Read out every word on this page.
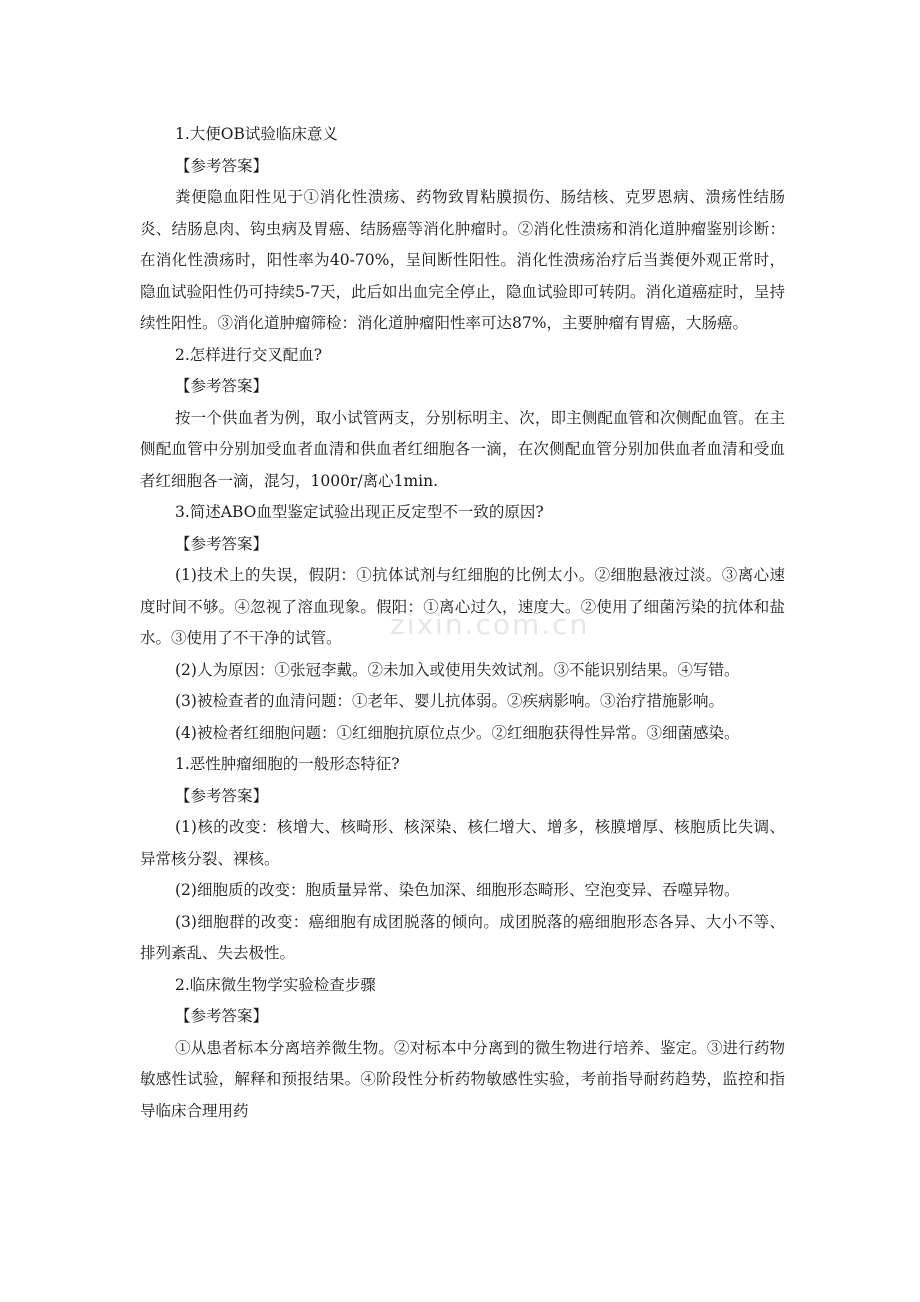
1.大便OB试验临床意义

【参考答案】

粪便隐血阳性见于①消化性溃疡、药物致胃粘膜损伤、肠结核、克罗恩病、溃疡性结肠炎、结肠息肉、钩虫病及胃癌、结肠癌等消化肿瘤时。②消化性溃疡和消化道肿瘤鉴别诊断：在消化性溃疡时，阳性率为40-70%，呈间断性阳性。消化性溃疡治疗后当粪便外观正常时，隐血试验阳性仍可持续5-7天，此后如出血完全停止，隐血试验即可转阴。消化道癌症时，呈持续性阳性。③消化道肿瘤筛检：消化道肿瘤阳性率可达87%，主要肿瘤有胃癌，大肠癌。

2.怎样进行交叉配血?

【参考答案】

按一个供血者为例，取小试管两支，分别标明主、次，即主侧配血管和次侧配血管。在主侧配血管中分别加受血者血清和供血者红细胞各一滴，在次侧配血管分别加供血者血清和受血者红细胞各一滴，混匀，1000r/离心1min.

3.简述ABO血型鉴定试验出现正反定型不一致的原因?

【参考答案】

(1)技术上的失误，假阴：①抗体试剂与红细胞的比例太小。②细胞悬液过淡。③离心速度时间不够。④忽视了溶血现象。假阳：①离心过久，速度大。②使用了细菌污染的抗体和盐水。③使用了不干净的试管。

(2)人为原因：①张冠李戴。②未加入或使用失效试剂。③不能识别结果。④写错。

(3)被检查者的血清问题：①老年、婴儿抗体弱。②疾病影响。③治疗措施影响。

(4)被检者红细胞问题：①红细胞抗原位点少。②红细胞获得性异常。③细菌感染。

1.恶性肿瘤细胞的一般形态特征?

【参考答案】

(1)核的改变：核增大、核畸形、核深染、核仁增大、增多，核膜增厚、核胞质比失调、异常核分裂、裸核。

(2)细胞质的改变：胞质量异常、染色加深、细胞形态畸形、空泡变异、吞噬异物。

(3)细胞群的改变：癌细胞有成团脱落的倾向。成团脱落的癌细胞形态各异、大小不等、排列紊乱、失去极性。

2.临床微生物学实验检查步骤

【参考答案】

①从患者标本分离培养微生物。②对标本中分离到的微生物进行培养、鉴定。③进行药物敏感性试验，解释和预报结果。④阶段性分析药物敏感性实验，考前指导耐药趋势，监控和指导临床合理用药

zixin.com.cn
